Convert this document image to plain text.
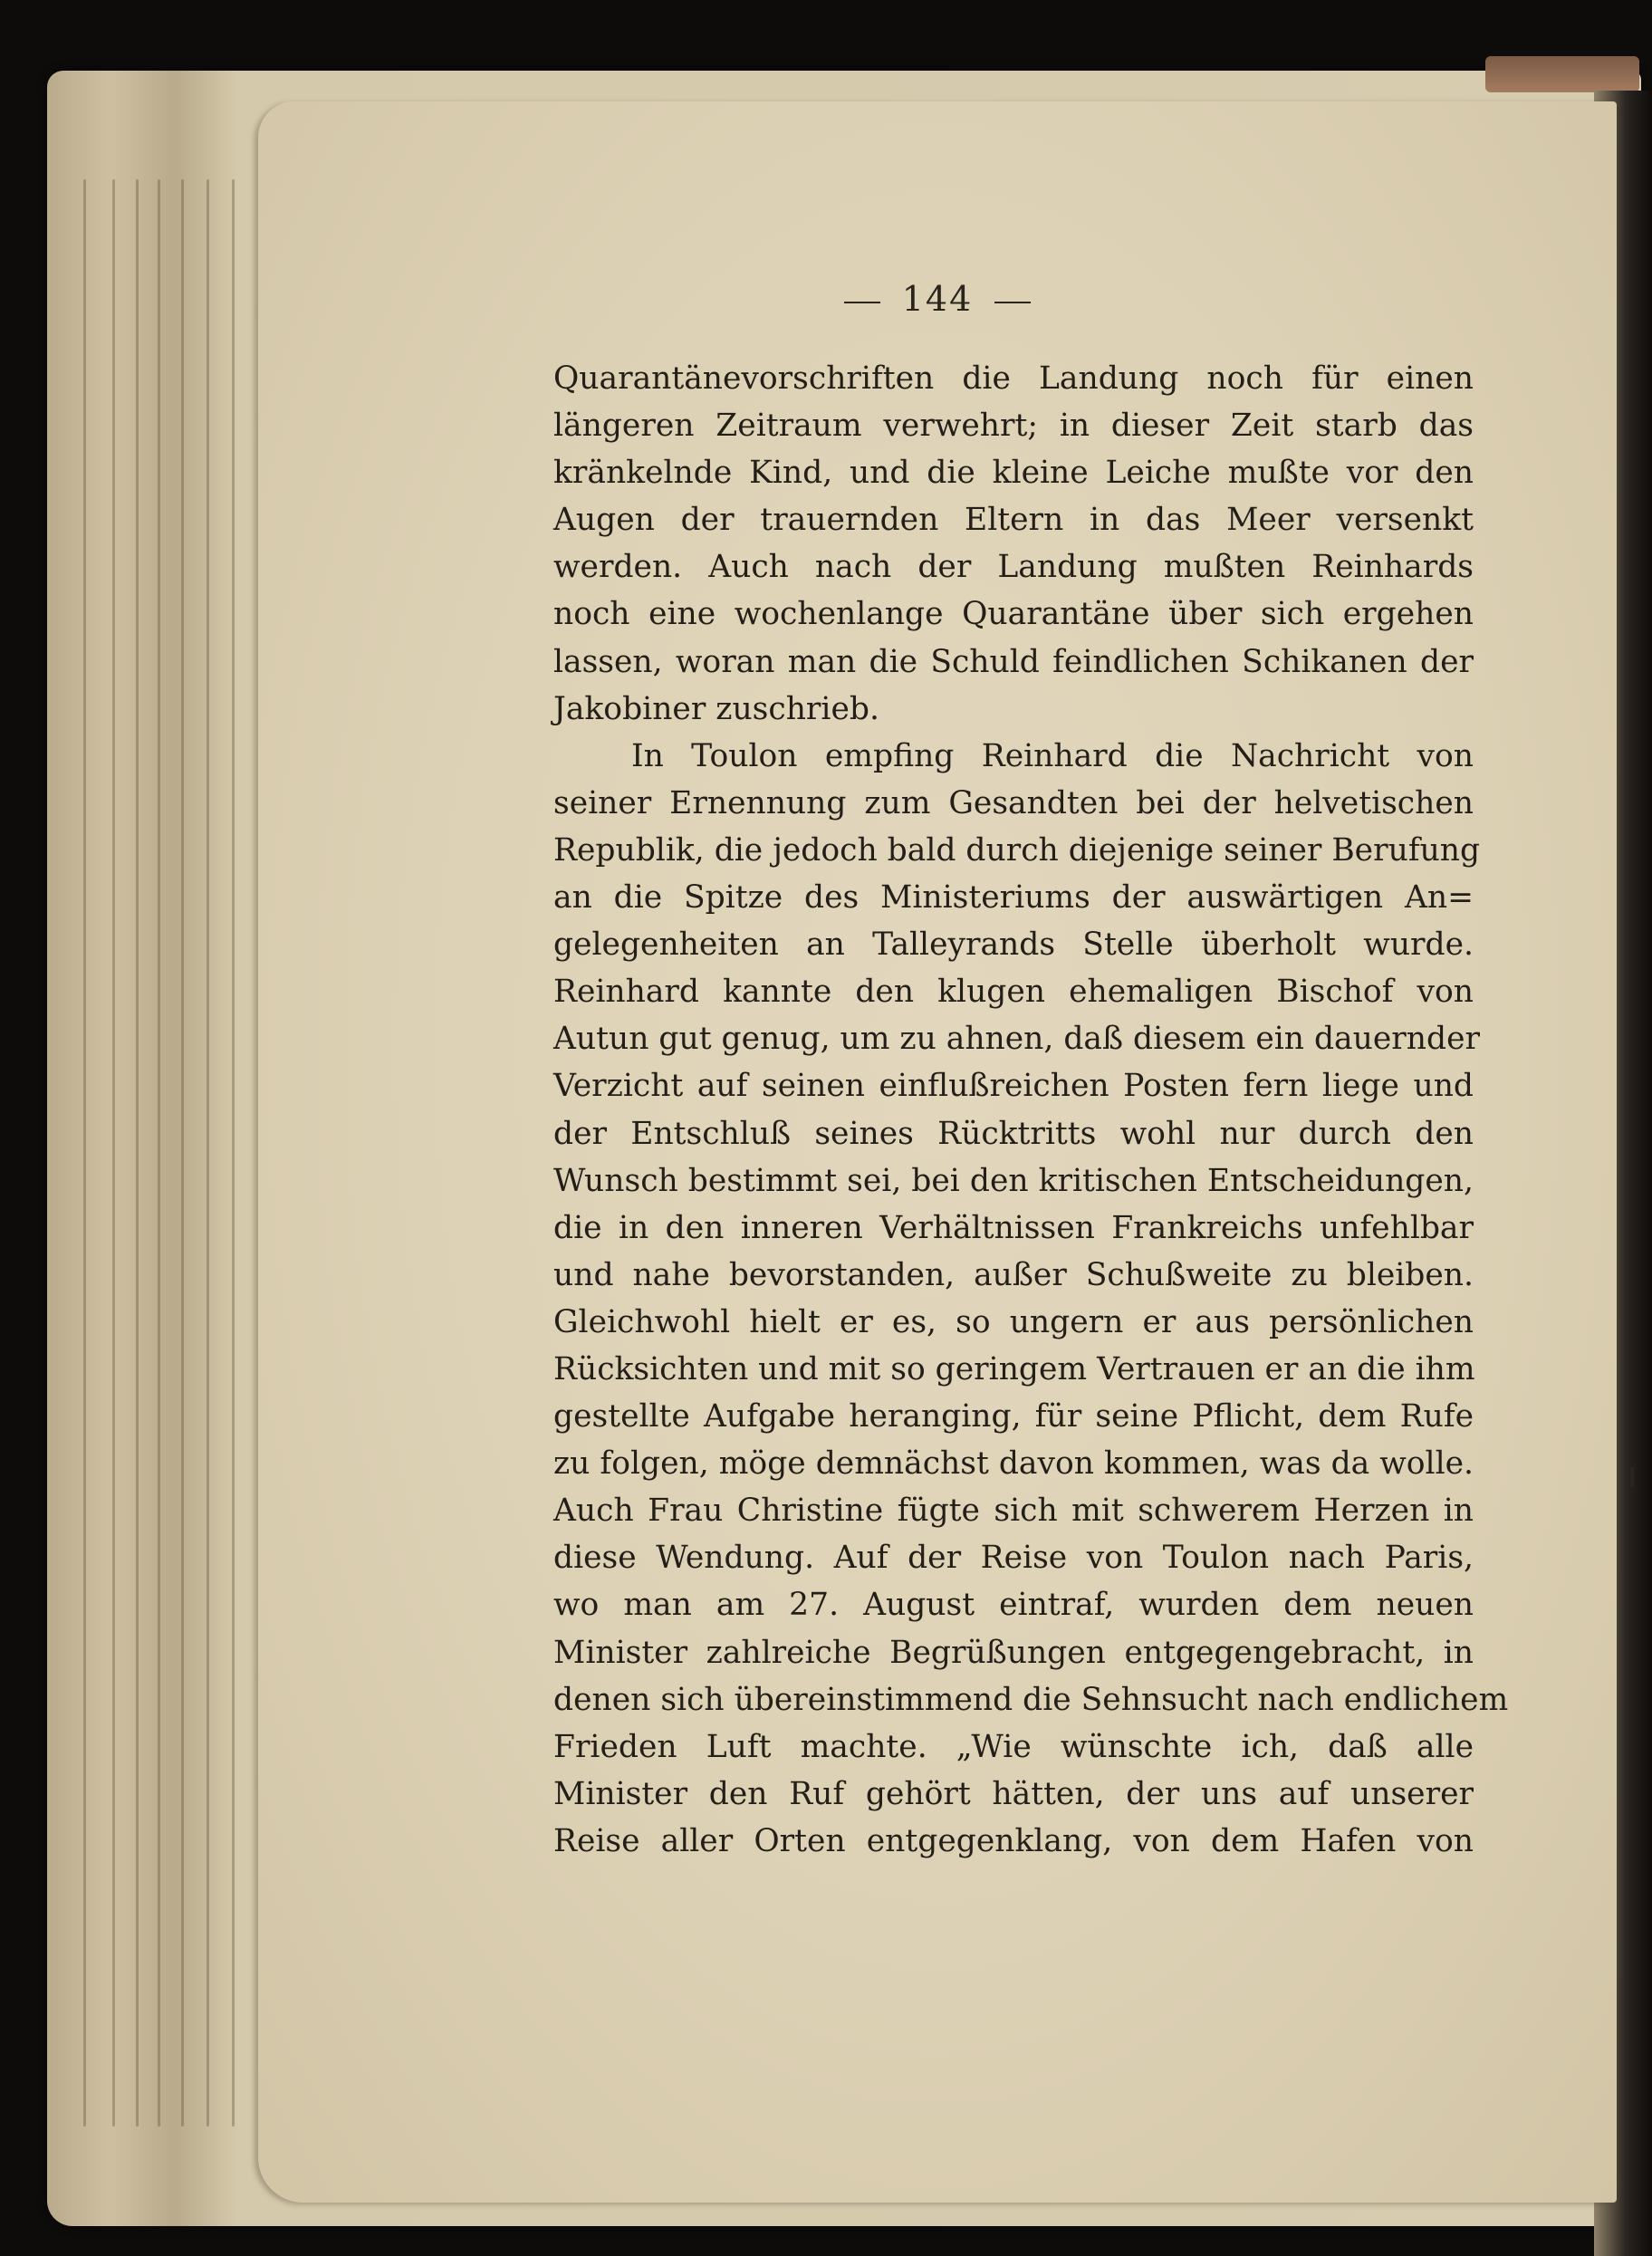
144
Quarantänevorschriften die Landung noch für einen
längeren Zeitraum verwehrt; in dieser Zeit starb das
kränkelnde Kind, und die kleine Leiche mußte vor den
Augen der trauernden Eltern in das Meer versenkt
werden. Auch nach der Landung mußten Reinhards
noch eine wochenlange Quarantäne über sich ergehen
lassen, woran man die Schuld feindlichen Schikanen der
Jakobiner zuschrieb.
In Toulon empfing Reinhard die Nachricht von
seiner Ernennung zum Gesandten bei der helvetischen
Republik, die jedoch bald durch diejenige seiner Berufung
an die Spitze des Ministeriums der auswärtigen An=
gelegenheiten an Talleyrands Stelle überholt wurde.
Reinhard kannte den klugen ehemaligen Bischof von
Autun gut genug, um zu ahnen, daß diesem ein dauernder
Verzicht auf seinen einflußreichen Posten fern liege und
der Entschluß seines Rücktritts wohl nur durch den
Wunsch bestimmt sei, bei den kritischen Entscheidungen,
die in den inneren Verhältnissen Frankreichs unfehlbar
und nahe bevorstanden, außer Schußweite zu bleiben.
Gleichwohl hielt er es, so ungern er aus persönlichen
Rücksichten und mit so geringem Vertrauen er an die ihm
gestellte Aufgabe heranging, für seine Pflicht, dem Rufe
zu folgen, möge demnächst davon kommen, was da wolle.
Auch Frau Christine fügte sich mit schwerem Herzen in
diese Wendung. Auf der Reise von Toulon nach Paris,
wo man am 27. August eintraf, wurden dem neuen
Minister zahlreiche Begrüßungen entgegengebracht, in
denen sich übereinstimmend die Sehnsucht nach endlichem
Frieden Luft machte. „Wie wünschte ich, daß alle
Minister den Ruf gehört hätten, der uns auf unserer
Reise aller Orten entgegenklang, von dem Hafen von
